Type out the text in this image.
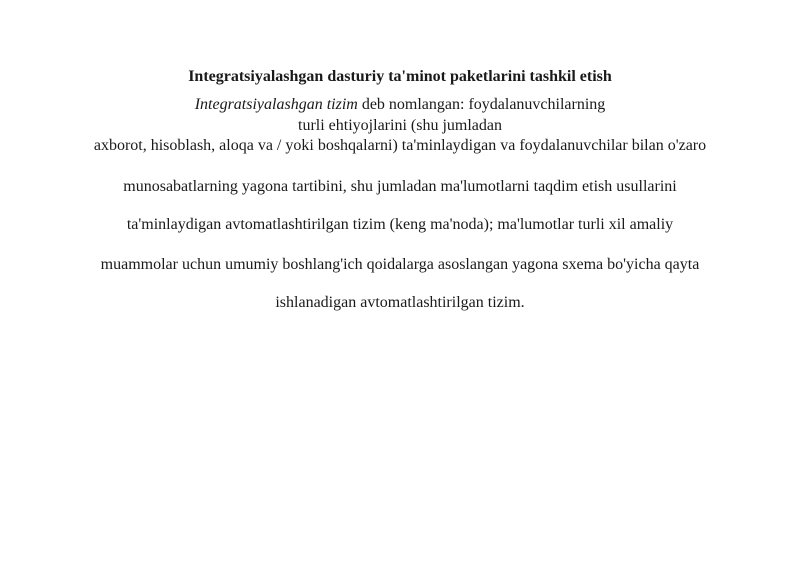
Integratsiyalashgan dasturiy ta'minot paketlarini tashkil etish
Integratsiyalashgan tizim deb nomlangan: foydalanuvchilarning
turli ehtiyojlarini (shu jumladan
axborot, hisoblash, aloqa va / yoki boshqalarni) ta'minlaydigan va foydalanuvchilar bilan o'zaro
munosabatlarning yagona tartibini, shu jumladan ma'lumotlarni taqdim etish usullarini
ta'minlaydigan avtomatlashtirilgan tizim (keng ma'noda); ma'lumotlar turli xil amaliy
muammolar uchun umumiy boshlang'ich qoidalarga asoslangan yagona sxema bo'yicha qayta
ishlanadigan avtomatlashtirilgan tizim.
